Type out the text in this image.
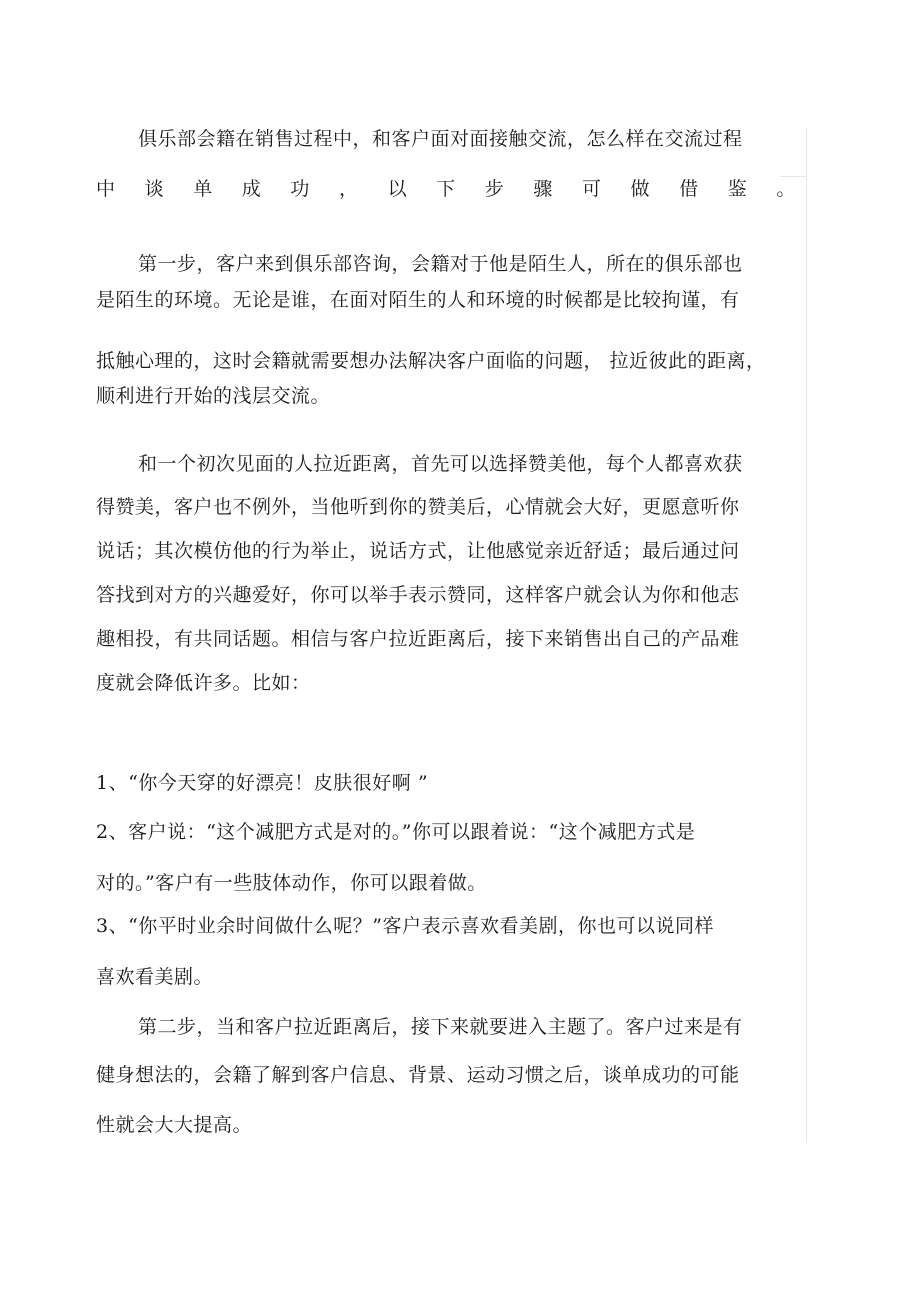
俱乐部会籍在销售过程中，和客户面对面接触交流，怎么样在交流过程
中 谈 单 成 功 ， 以 下 步 骤 可 做 借 鉴 。
第一步，客户来到俱乐部咨询，会籍对于他是陌生人，所在的俱乐部也
是陌生的环境。无论是谁，在面对陌生的人和环境的时候都是比较拘谨，有
抵触心理的，这时会籍就需要想办法解决客户面临的问题， 拉近彼此的距离，
顺利进行开始的浅层交流。
和一个初次见面的人拉近距离，首先可以选择赞美他，每个人都喜欢获
得赞美，客户也不例外，当他听到你的赞美后，心情就会大好，更愿意听你
说话；其次模仿他的行为举止，说话方式，让他感觉亲近舒适；最后通过问
答找到对方的兴趣爱好，你可以举手表示赞同，这样客户就会认为你和他志
趣相投，有共同话题。相信与客户拉近距离后，接下来销售出自己的产品难
度就会降低许多。比如：
1、“你今天穿的好漂亮！皮肤很好啊 ”
2、客户说：“这个减肥方式是对的。”你可以跟着说：“这个减肥方式是
对的。”客户有一些肢体动作，你可以跟着做。
3、“你平时业余时间做什么呢？”客户表示喜欢看美剧，你也可以说同样
喜欢看美剧。
第二步，当和客户拉近距离后，接下来就要进入主题了。客户过来是有
健身想法的，会籍了解到客户信息、背景、运动习惯之后，谈单成功的可能
性就会大大提高。
